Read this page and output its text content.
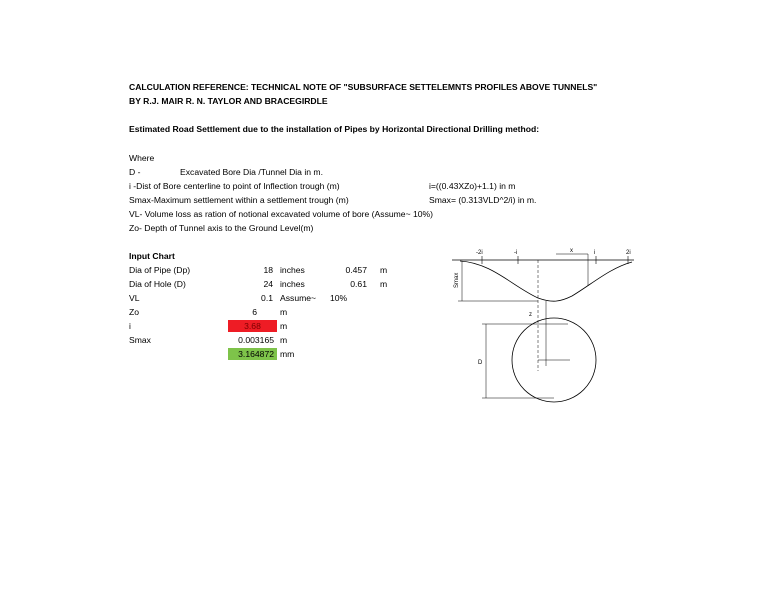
CALCULATION REFERENCE: TECHNICAL NOTE OF "SUBSURFACE SETTELEMNTS PROFILES ABOVE TUNNELS"
BY R.J. MAIR R. N. TAYLOR AND BRACEGIRDLE
Estimated Road Settlement due to the installation of Pipes by Horizontal Directional Drilling method:
Where
D -	Excavated Bore Dia /Tunnel Dia in m.
i -Dist of Bore centerline to point of Inflection trough (m)	i=((0.43XZo)+1.1) in m
Smax-Maximum settlement within a settlement trough (m)	Smax= (0.313VLD^2/i) in m.
VL- Volume loss as ration of notional excavated volume of bore (Assume~ 10%)
Zo- Depth of Tunnel axis to the Ground Level(m)
Input Chart
Dia of Pipe (Dp)	18 inches	0.457	m
Dia of Hole (D)	24 inches	0.61	m
VL	0.1 Assume~ 10%
Zo	6	m
i	3.68	m
Smax	0.003165 m
3.164872 mm
-2i	-i	x	i	2i
Smax
z
D
